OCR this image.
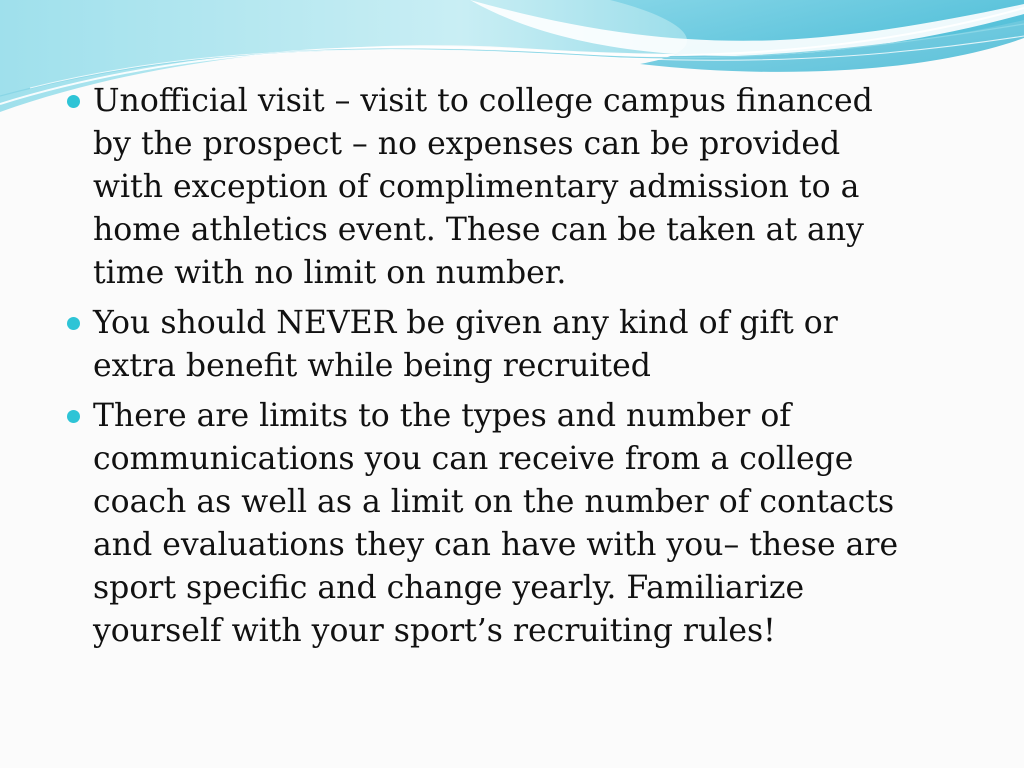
Unofficial visit – visit to college campus financed
by the prospect – no expenses can be provided
with exception of complimentary admission to a
home athletics event. These can be taken at any
time with no limit on number.
You should NEVER be given any kind of gift or
extra benefit while being recruited
There are limits to the types and number of
communications you can receive from a college
coach as well as a limit on the number of contacts
and evaluations they can have with you– these are
sport specific and change yearly. Familiarize
yourself with your sport’s recruiting rules!
